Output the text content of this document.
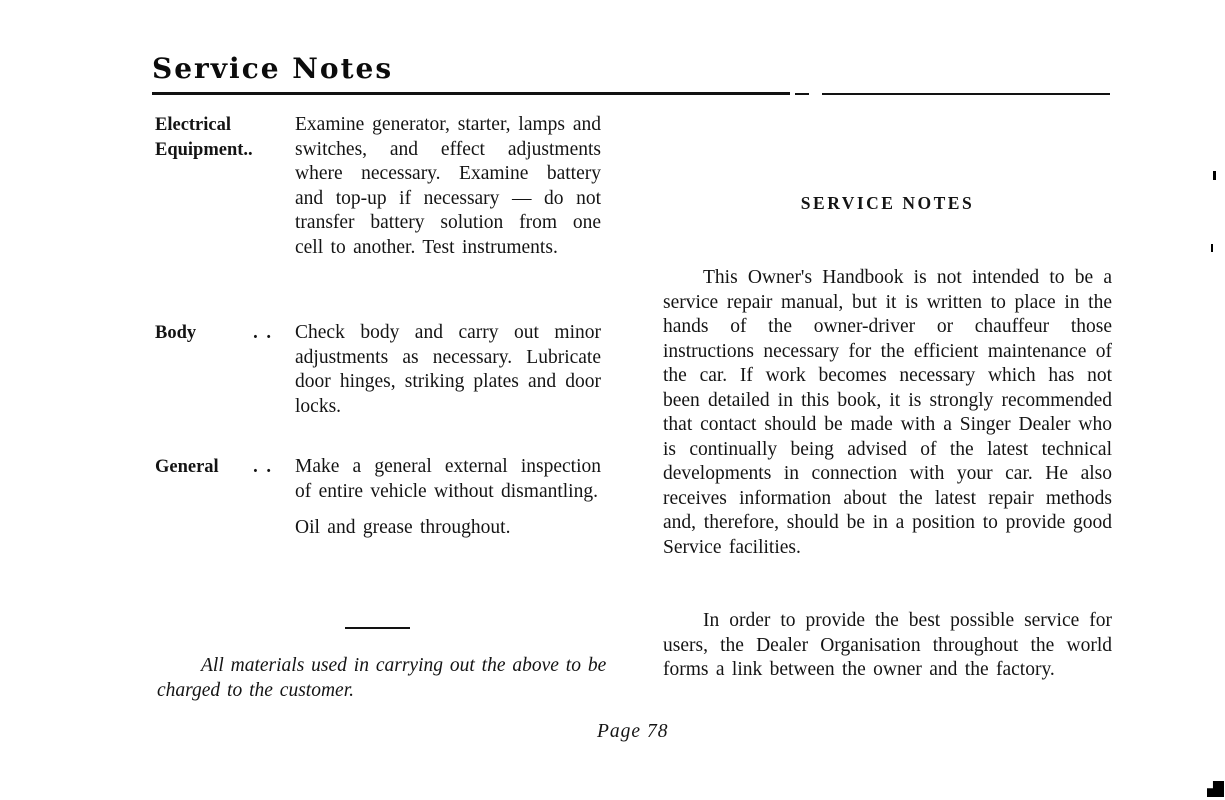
Service Notes
Electrical
Equipment..

Examine generator, starter, lamps and switches, and effect adjustments where necessary. Examine battery and top-up if necessary — do not transfer battery solution from one cell to another. Test instruments.

Body	. . Check body and carry out minor adjustments as necessary. Lubricate door hinges, striking plates and door locks.

General . . Make a general external inspection of entire vehicle without dismantling.

Oil and grease throughout.

All materials used in carrying out the above to be charged to the customer.

SERVICE NOTES

This Owner's Handbook is not intended to be a service repair manual, but it is written to place in the hands of the owner-driver or chauffeur those instructions necessary for the efficient maintenance of the car. If work becomes necessary which has not been detailed in this book, it is strongly recommended that contact should be made with a Singer Dealer who is continually being advised of the latest technical developments in connection with your car. He also receives information about the latest repair methods and, therefore, should be in a position to provide good Service facilities.

In order to provide the best possible service for users, the Dealer Organisation throughout the world forms a link between the owner and the factory.

Page 78
